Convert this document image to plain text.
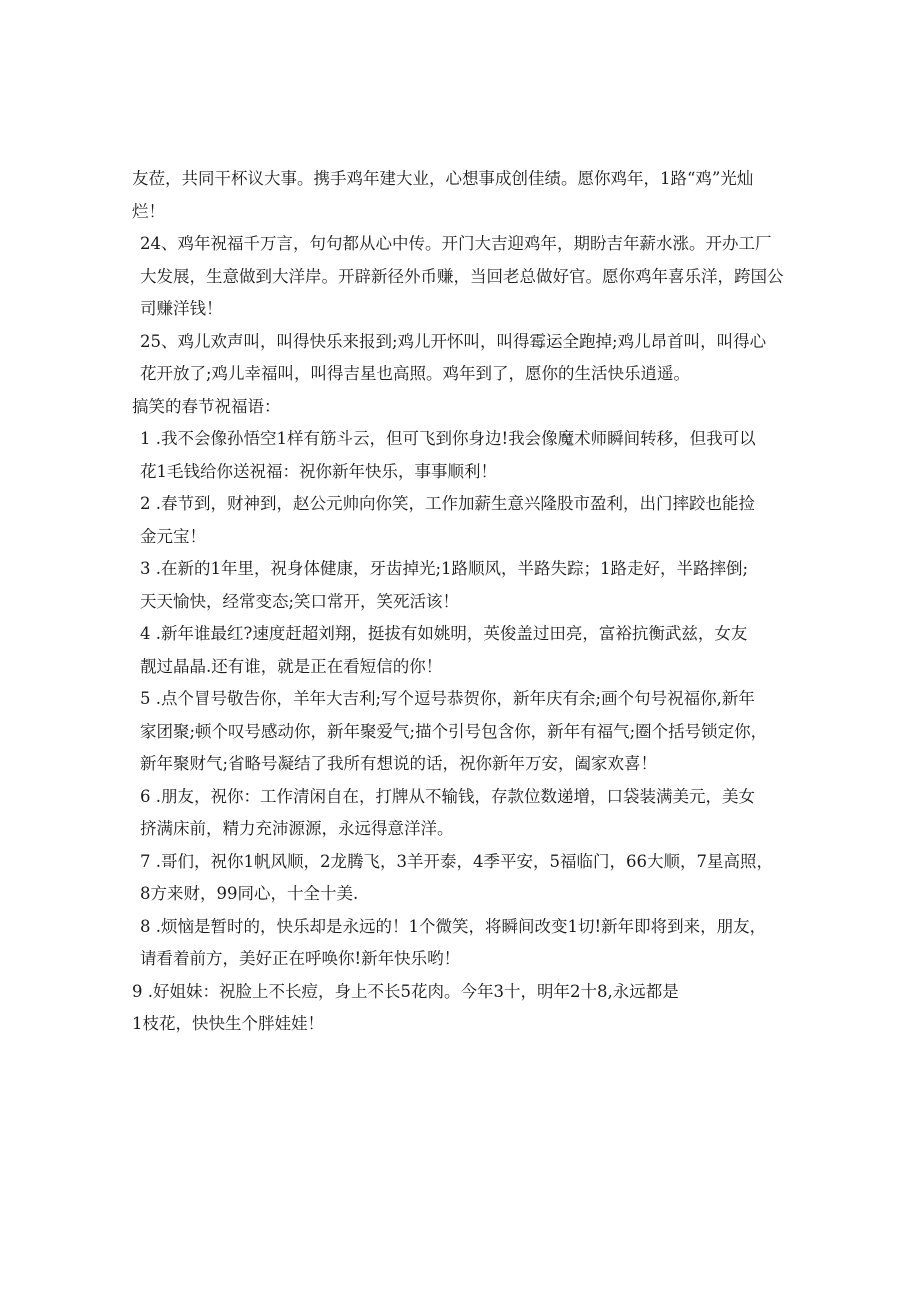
友莅，共同干杯议大事。携手鸡年建大业，心想事成创佳绩。愿你鸡年，1路“鸡”光灿
烂！

24、鸡年祝福千万言，句句都从心中传。开门大吉迎鸡年，期盼吉年薪水涨。开办工厂
大发展，生意做到大洋岸。开辟新径外币赚，当回老总做好官。愿你鸡年喜乐洋，跨国公
司赚洋钱！

25、鸡儿欢声叫，叫得快乐来报到;鸡儿开怀叫，叫得霉运全跑掉;鸡儿昂首叫，叫得心
花开放了;鸡儿幸福叫，叫得吉星也高照。鸡年到了，愿你的生活快乐逍遥。

搞笑的春节祝福语：

1 .我不会像孙悟空1样有筋斗云，但可飞到你身边!我会像魔术师瞬间转移，但我可以
花1毛钱给你送祝福：祝你新年快乐，事事顺利！

2 .春节到，财神到，赵公元帅向你笑，工作加薪生意兴隆股市盈利，出门摔跤也能捡
金元宝！

3 .在新的1年里，祝身体健康，牙齿掉光;1路顺风，半路失踪；1路走好，半路摔倒;
天天愉快，经常变态;笑口常开，笑死活该！

4 .新年谁最红?速度赶超刘翔，挺拔有如姚明，英俊盖过田亮，富裕抗衡武兹，女友
靓过晶晶.还有谁，就是正在看短信的你！

5 .点个冒号敬告你，羊年大吉利;写个逗号恭贺你，新年庆有余;画个句号祝福你,新年
家团聚;顿个叹号感动你，新年聚爱气;描个引号包含你，新年有福气;圈个括号锁定你，
新年聚财气;省略号凝结了我所有想说的话，祝你新年万安，阖家欢喜！

6 .朋友，祝你：工作清闲自在，打牌从不输钱，存款位数递增，口袋装满美元，美女
挤满床前，精力充沛源源，永远得意洋洋。

7 .哥们，祝你1帆风顺，2龙腾飞，3羊开泰，4季平安，5福临门，66大顺，7星高照，
8方来财，99同心，十全十美.

8 .烦恼是暂时的，快乐却是永远的！1个微笑，将瞬间改变1切!新年即将到来，朋友，
请看着前方，美好正在呼唤你!新年快乐哟！

9 .好姐妹：祝脸上不长痘，身上不长5花肉。今年3十，明年2十8,永远都是
1枝花，快快生个胖娃娃！
